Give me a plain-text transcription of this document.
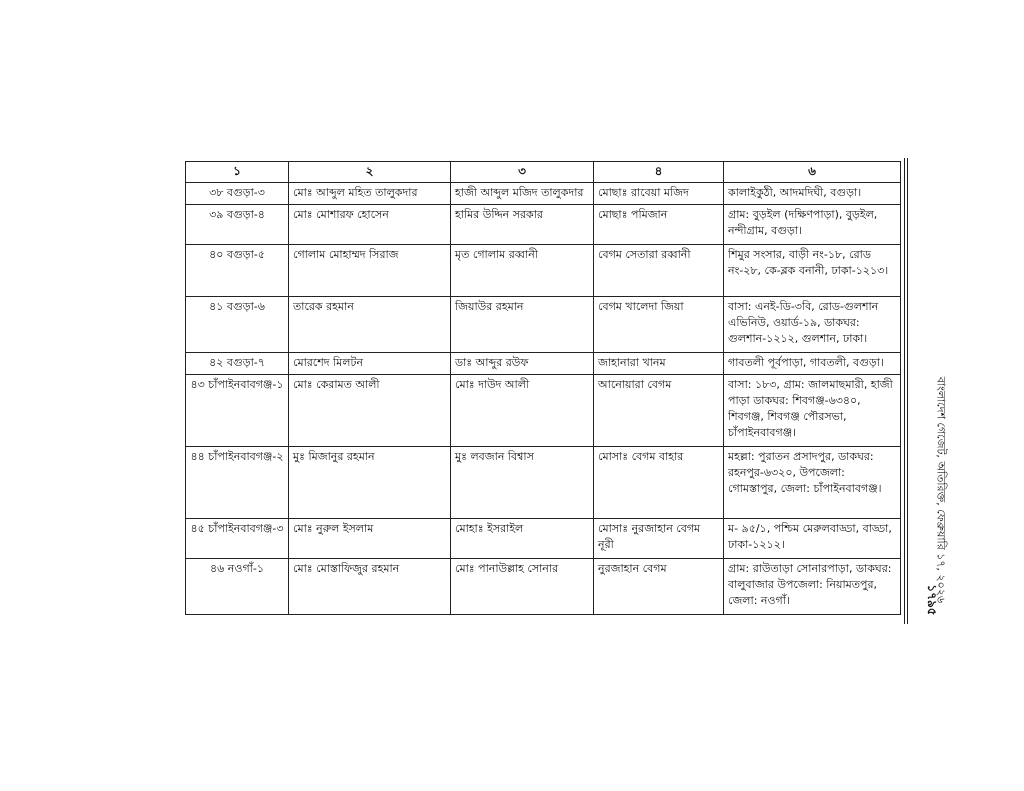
১	২	৩	৪	৬
৩৮ বগুড়া-৩	মোঃ আব্দুল মহিত তালুকদার	হাজী আব্দুল মজিদ তালুকদার	মোছাঃ রাবেয়া মজিদ	কালাইকুঠী, আদমদিঘী, বগুড়া।
৩৯ বগুড়া-৪	মোঃ মোশারফ হোসেন	হামির উদ্দিন সরকার	মোছাঃ পমিজান	গ্রাম: বুড়ইল (দক্ষিণপাড়া), বুড়ইল, নন্দীগ্রাম, বগুড়া।
৪০ বগুড়া-৫	গোলাম মোহাম্মদ সিরাজ	মৃত গোলাম রব্বানী	বেগম সেতারা রব্বানী	শিমুর সংসার, বাড়ী নং-১৮, রোড নং-২৮, কে-ব্লক বনানী, ঢাকা-১২১৩।
৪১ বগুড়া-৬	তারেক রহমান	জিয়াউর রহমান	বেগম খালেদা জিয়া	বাসা: এনই-ডি-৩বি, রোড-গুলশান এভিনিউ, ওয়ার্ড-১৯, ডাকঘর: গুলশান-১২১২, গুলশান, ঢাকা।
৪২ বগুড়া-৭	মোরশেদ মিলটন	ডাঃ আব্দুর রউফ	জাহানারা খানম	গাবতলী পূর্বপাড়া, গাবতলী, বগুড়া।
৪৩ চাঁপাইনবাবগঞ্জ-১	মোঃ কেরামত আলী	মোঃ দাউদ আলী	আনোয়ারা বেগম	বাসা: ১৮৩, গ্রাম: জালমাছমারী, হাজী পাড়া ডাকঘর: শিবগঞ্জ-৬৩৪০, শিবগঞ্জ, শিবগঞ্জ পৌরসভা, চাঁপাইনবাবগঞ্জ।
৪৪ চাঁপাইনবাবগঞ্জ-২	মুঃ মিজানুর রহমান	মুঃ লবজান বিশ্বাস	মোসাঃ বেগম বাহার	মহল্লা: পুরাতন প্রসাদপুর, ডাকঘর: রহনপুর-৬৩২০, উপজেলা: গোমস্তাপুর, জেলা: চাঁপাইনবাবগঞ্জ।
৪৫ চাঁপাইনবাবগঞ্জ-৩	মোঃ নুরুল ইসলাম	মোহাঃ ইসরাইল	মোসাঃ নুরজাহান বেগম নূরী	ম- ৯৫/১, পশ্চিম মেরুলবাড্ডা, বাড্ডা, ঢাকা-১২১২।
৪৬ নওগাঁ-১	মোঃ মোস্তাফিজুর রহমান	মোঃ পানাউল্লাহ সোনার	নুরজাহান বেগম	গ্রাম: রাউতাড়া সোনারপাড়া, ডাকঘর: বালুবাজার উপজেলা: নিয়ামতপুর, জেলা: নওগাঁ।	বাংলাদেশ গেজেট, অতিরিক্ত, ফেব্রুয়ারি ১৭, ২০২৬
১৭৯৫
